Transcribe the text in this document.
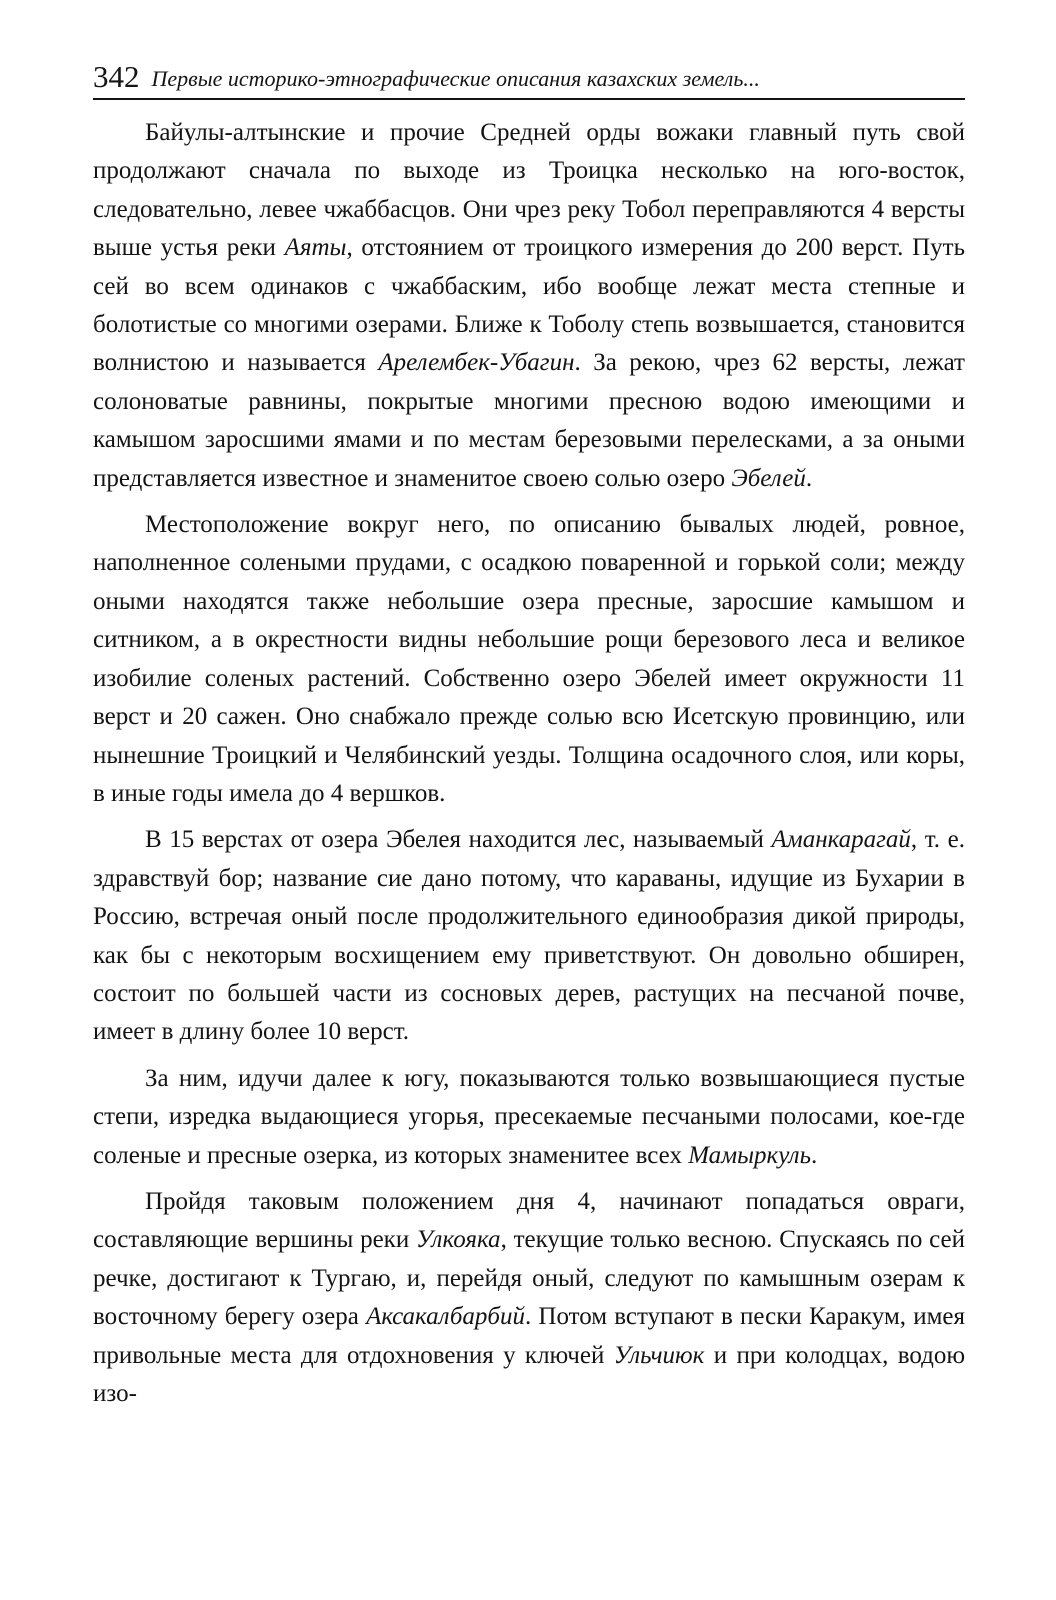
342 Первые историко-этнографические описания казахских земель...

Байулы-алтынские и прочие Средней орды вожаки главный путь свой продолжают сначала по выходе из Троицка несколько на юго-восток, следовательно, левее чжаббасцов. Они чрез реку Тобол переправляются 4 версты выше устья реки Аяты, отстоянием от троицкого измерения до 200 верст. Путь сей во всем одинаков с чжаббаским, ибо вообще лежат места степные и болотистые со многими озерами. Ближе к Тоболу степь возвышается, становится волнистою и называется Арелембек-Убагин. За рекою, чрез 62 версты, лежат солоноватые равнины, покрытые многими пресною водою имеющими и камышом заросшими ямами и по местам березовыми перелесками, а за оными представляется известное и знаменитое своею солью озеро Эбелей.

Местоположение вокруг него, по описанию бывалых людей, ровное, наполненное солеными прудами, с осадкою поваренной и горькой соли; между оными находятся также небольшие озера пресные, заросшие камышом и ситником, а в окрестности видны небольшие рощи березового леса и великое изобилие соленых растений. Собственно озеро Эбелей имеет окружности 11 верст и 20 сажен. Оно снабжало прежде солью всю Исетскую провинцию, или нынешние Троицкий и Челябинский уезды. Толщина осадочного слоя, или коры, в иные годы имела до 4 вершков.

В 15 верстах от озера Эбелея находится лес, называемый Аманкарагай, т. е. здравствуй бор; название сие дано потому, что караваны, идущие из Бухарии в Россию, встречая оный после продолжительного единообразия дикой природы, как бы с некоторым восхищением ему приветствуют. Он довольно обширен, состоит по большей части из сосновых дерев, растущих на песчаной почве, имеет в длину более 10 верст.

За ним, идучи далее к югу, показываются только возвышающиеся пустые степи, изредка выдающиеся угорья, пресекаемые песчаными полосами, кое-где соленые и пресные озерка, из которых знаменитее всех Мамыркуль.

Пройдя таковым положением дня 4, начинают попадаться овраги, составляющие вершины реки Улкояка, текущие только весною. Спускаясь по сей речке, достигают к Тургаю, и, перейдя оный, следуют по камышным озерам к восточному берегу озера Аксакалбарбий. Потом вступают в пески Каракум, имея привольные места для отдохновения у ключей Ульчиюк и при колодцах, водою изо-
